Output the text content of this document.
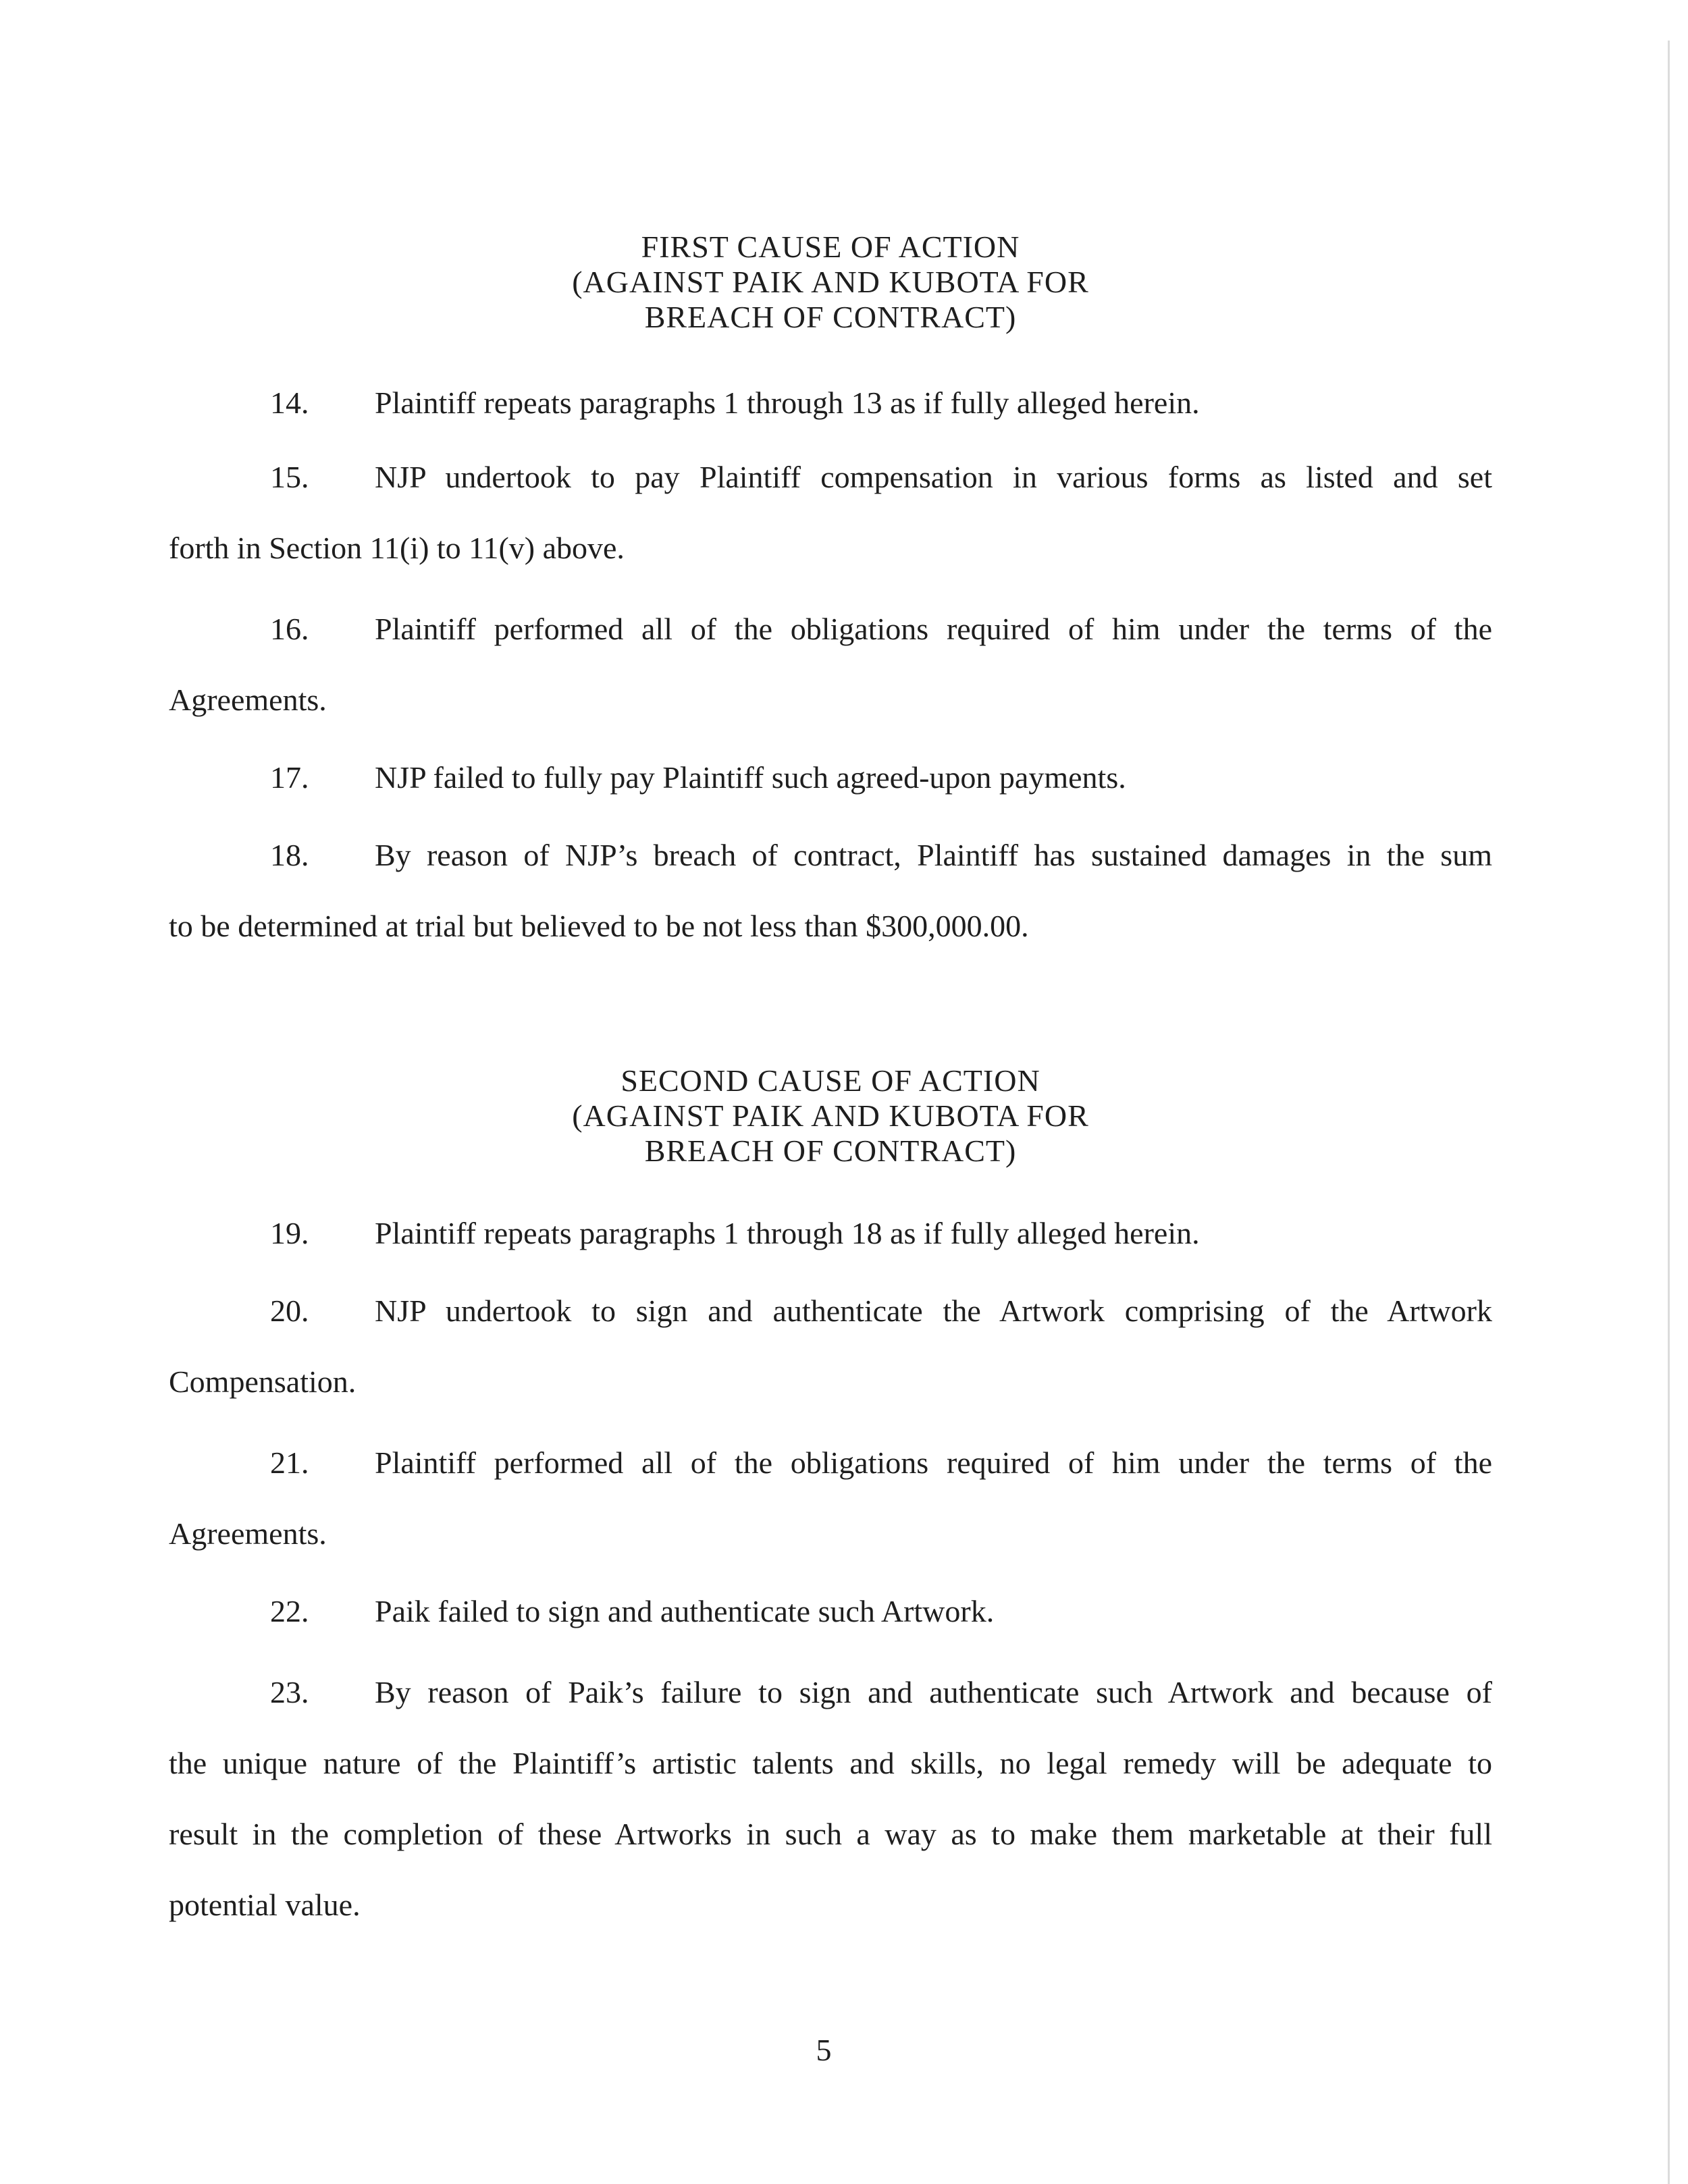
FIRST CAUSE OF ACTION
(AGAINST PAIK AND KUBOTA FOR
BREACH OF CONTRACT)
14. Plaintiff repeats paragraphs 1 through 13 as if fully alleged herein.
15. NJP undertook to pay Plaintiff compensation in various forms as listed and set
forth in Section 11(i) to 11(v) above.
16. Plaintiff performed all of the obligations required of him under the terms of the
Agreements.
17. NJP failed to fully pay Plaintiff such agreed-upon payments.
18. By reason of NJP’s breach of contract, Plaintiff has sustained damages in the sum
to be determined at trial but believed to be not less than $300,000.00.
SECOND CAUSE OF ACTION
(AGAINST PAIK AND KUBOTA FOR
BREACH OF CONTRACT)
19. Plaintiff repeats paragraphs 1 through 18 as if fully alleged herein.
20. NJP undertook to sign and authenticate the Artwork comprising of the Artwork
Compensation.
21. Plaintiff performed all of the obligations required of him under the terms of the
Agreements.
22. Paik failed to sign and authenticate such Artwork.
23. By reason of Paik’s failure to sign and authenticate such Artwork and because of
the unique nature of the Plaintiff’s artistic talents and skills, no legal remedy will be adequate to
result in the completion of these Artworks in such a way as to make them marketable at their full
potential value.
5
